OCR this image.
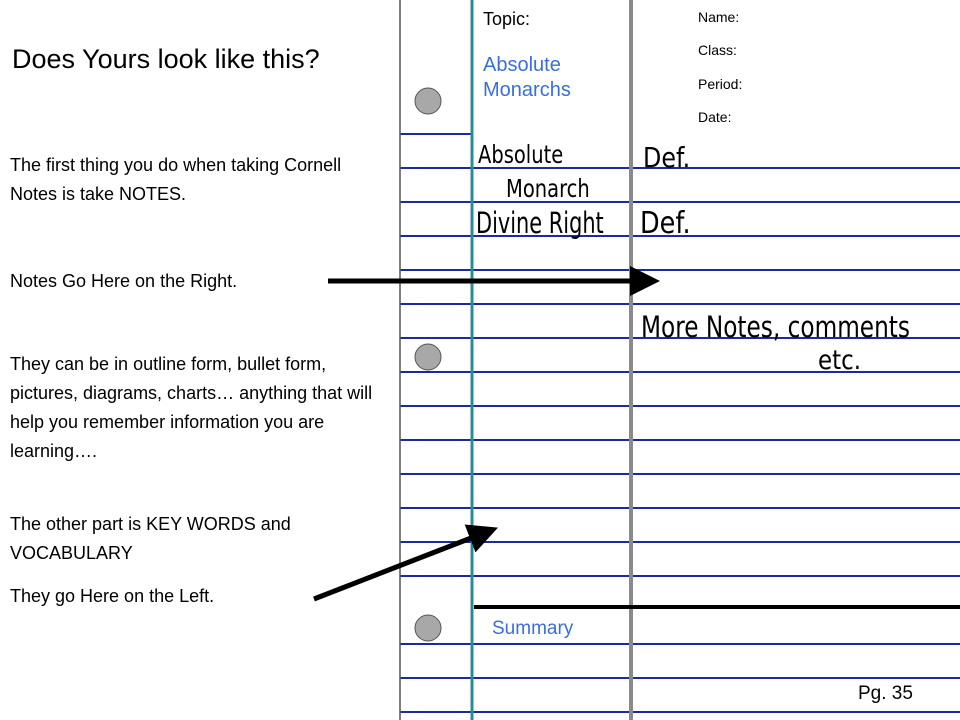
Does Yours look like this?
The first thing you do when taking Cornell Notes is take NOTES.
Notes Go Here on the Right.
They can be in outline form, bullet form, pictures, diagrams, charts… anything that will help you remember information you are learning….
The other part is KEY WORDS and VOCABULARY
They go Here on the Left.
Topic:
Absolute Monarchs
Name:
Class:
Period:
Date:
Absolute
Monarch
Divine Right
Def.
Def.
More Notes, comments
etc.
Summary
Pg. 35
